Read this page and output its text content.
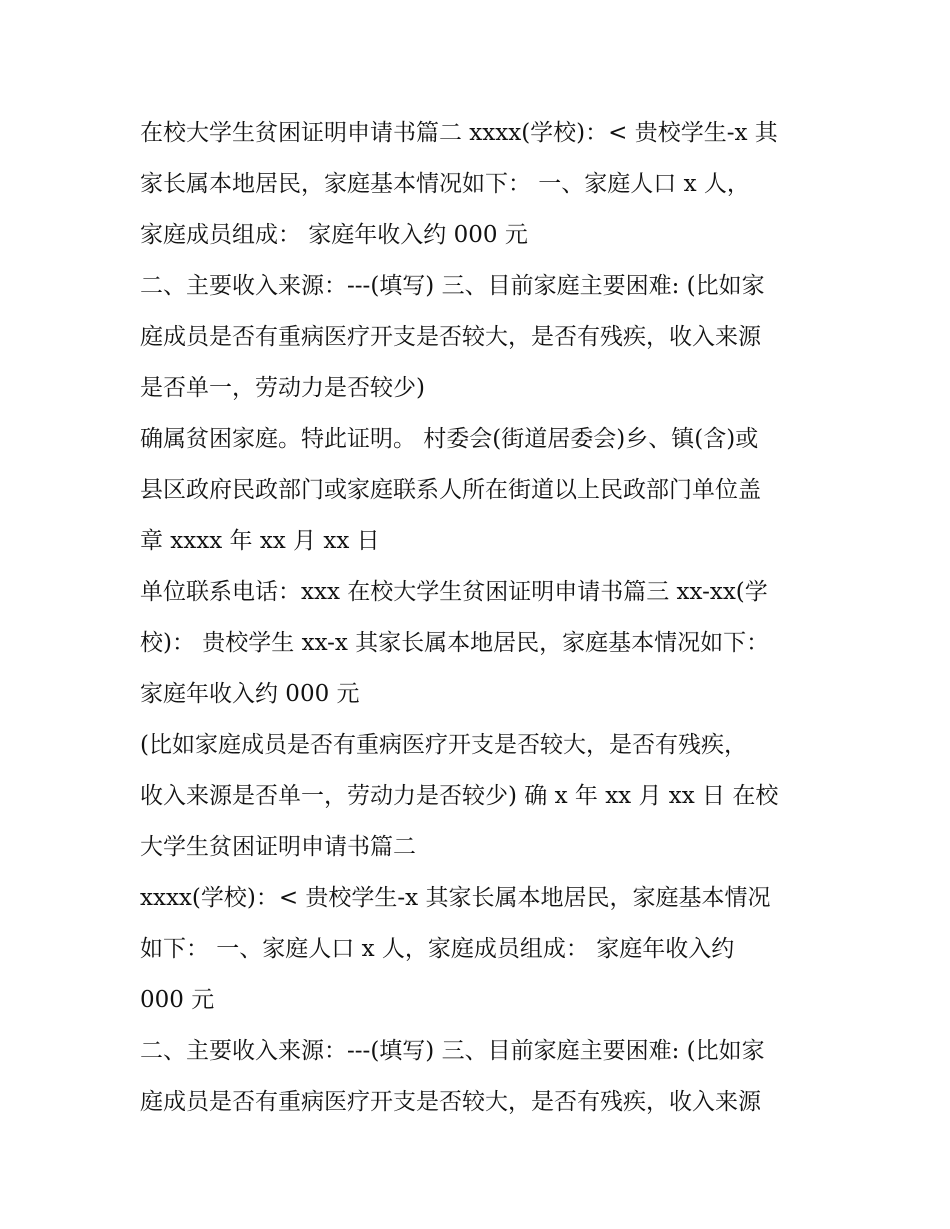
在校大学生贫困证明申请书篇二 xxxx(学校)：< 贵校学生-x 其
家长属本地居民，家庭基本情况如下： 一、家庭人口 x 人，
家庭成员组成： 家庭年收入约 000 元
二、主要收入来源：---(填写) 三、目前家庭主要困难: (比如家
庭成员是否有重病医疗开支是否较大，是否有残疾，收入来源
是否单一，劳动力是否较少)
确属贫困家庭。特此证明。 村委会(街道居委会)乡、镇(含)或
县区政府民政部门或家庭联系人所在街道以上民政部门单位盖
章 xxxx 年 xx 月 xx 日
单位联系电话：xxx 在校大学生贫困证明申请书篇三 xx-xx(学
校)： 贵校学生 xx-x 其家长属本地居民，家庭基本情况如下：
家庭年收入约 000 元
(比如家庭成员是否有重病医疗开支是否较大，是否有残疾，
收入来源是否单一，劳动力是否较少) 确 x 年 xx 月 xx 日 在校
大学生贫困证明申请书篇二
xxxx(学校)：< 贵校学生-x 其家长属本地居民，家庭基本情况
如下： 一、家庭人口 x 人，家庭成员组成： 家庭年收入约
000 元
二、主要收入来源：---(填写) 三、目前家庭主要困难: (比如家
庭成员是否有重病医疗开支是否较大，是否有残疾，收入来源
